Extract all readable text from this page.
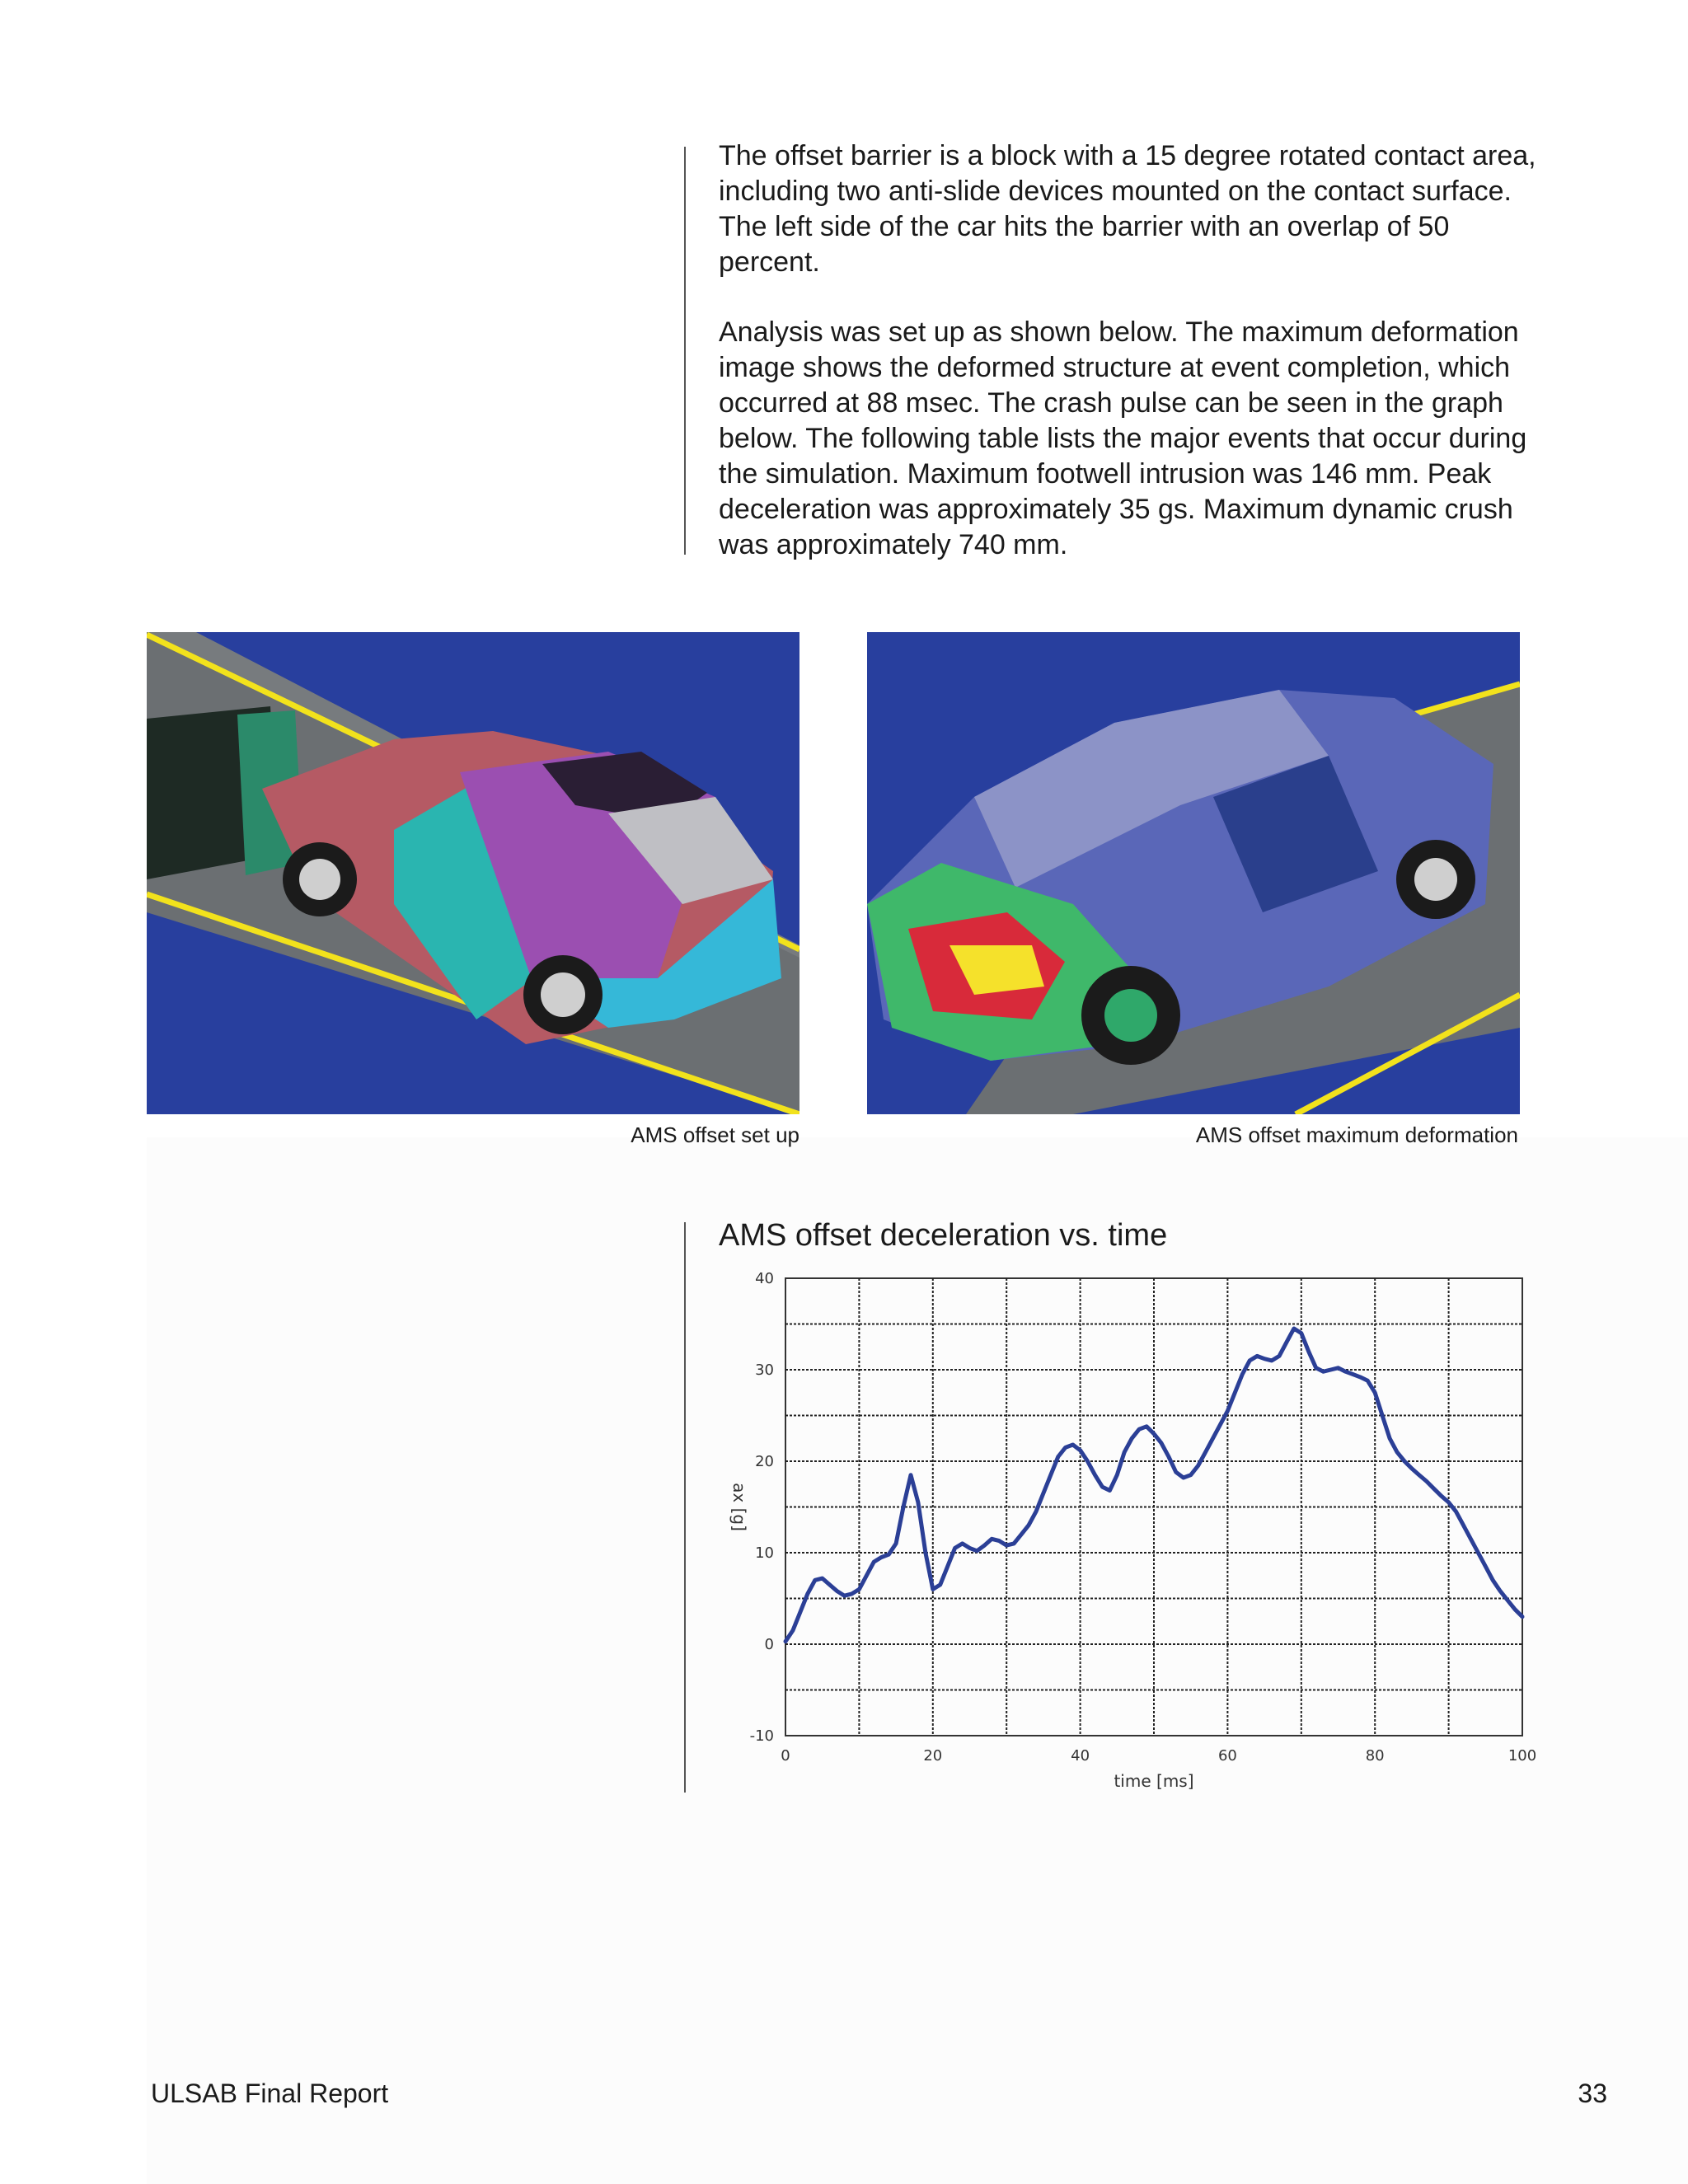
The offset barrier is a block with a 15 degree rotated contact area, including two anti-slide devices mounted on the contact surface. The left side of the car hits the barrier with an overlap of 50 percent.

Analysis was set up as shown below. The maximum deformation image shows the deformed structure at event completion, which occurred at 88 msec. The crash pulse can be seen in the graph below. The following table lists the major events that occur during the simulation. Maximum footwell intrusion was 146 mm. Peak deceleration was approximately 35 gs. Maximum dynamic crush was approximately 740 mm.

AMS offset set up	AMS offset maximum deformation
AMS offset deceleration vs. time
-10
0
10
20
30
40
0	20	40	60	80	100
time [ms]
ax [g]
ULSAB Final Report	33
